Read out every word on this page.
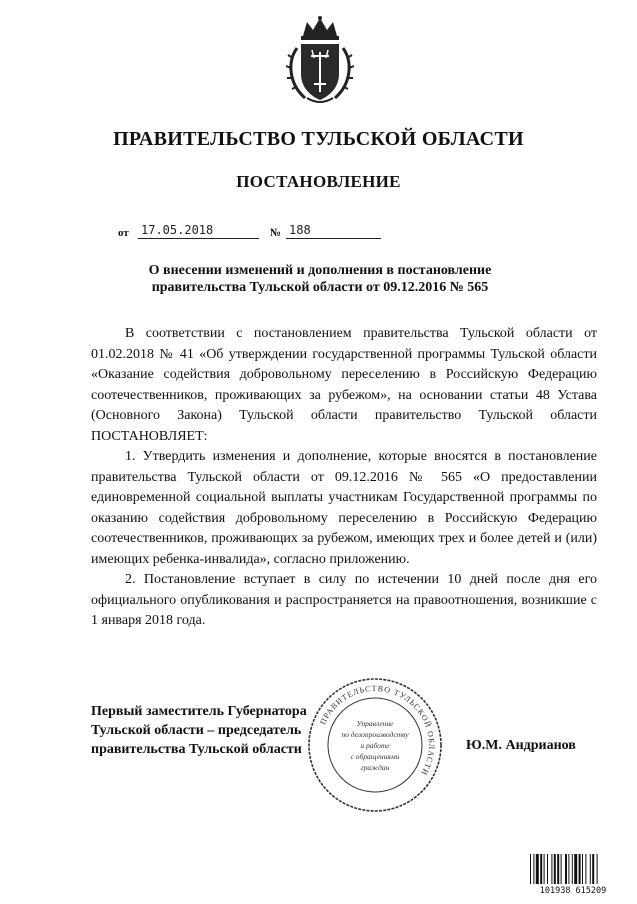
ПРАВИТЕЛЬСТВО ТУЛЬСКОЙ ОБЛАСТИ
ПОСТАНОВЛЕНИЕ
от 17.05.2018	№ 188
О внесении изменений и дополнения в постановление правительства Тульской области от 09.12.2016 № 565

В соответствии с постановлением правительства Тульской области от 01.02.2018 № 41 «Об утверждении государственной программы Тульской области «Оказание содействия добровольному переселению в Российскую Федерацию соотечественников, проживающих за рубежом», на основании статьи 48 Устава (Основного Закона) Тульской области правительство Тульской области ПОСТАНОВЛЯЕТ:

1. Утвердить изменения и дополнение, которые вносятся в постановление правительства Тульской области от 09.12.2016 № 565 «О предоставлении единовременной социальной выплаты участникам Государственной программы по оказанию содействия добровольному переселению в Российскую Федерацию соотечественников, проживающих за рубежом, имеющих трех и более детей и (или) имеющих ребенка-инвалида», согласно приложению.

2. Постановление вступает в силу по истечении 10 дней после дня его официального опубликования и распространяется на правоотношения, возникшие с 1 января 2018 года.

Первый заместитель Губернатора
Тульской области – председатель
правительства Тульской области
ПРАВИТЕЛЬСТВО ТУЛЬСКОЙ ОБЛАСТИ
Управление
по делопроизводству
и работе
с обращениями
граждан
Ю.М. Андрианов
101938 615209
